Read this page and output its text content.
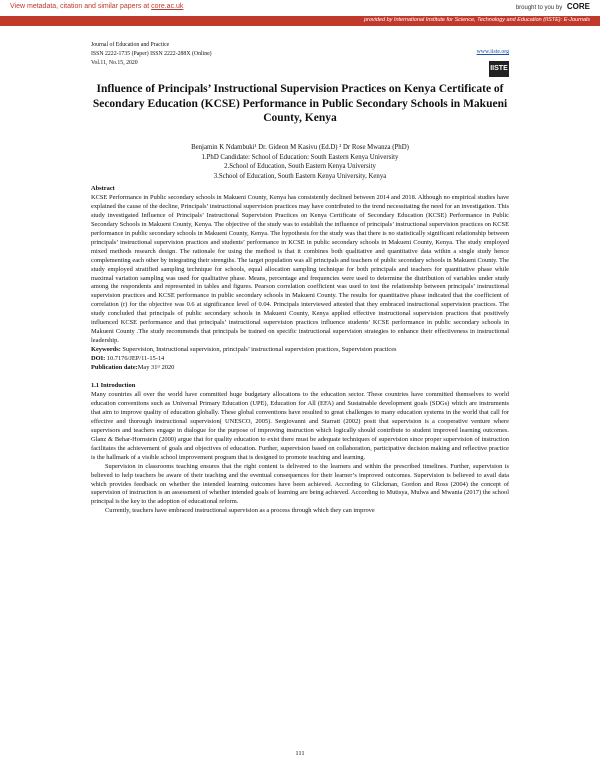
View metadata, citation and similar papers at core.ac.uk	brought to you by CORE
provided by International Institute for Science, Technology and Education (IISTE): E-Journals
Journal of Education and Practice
ISSN 2222-1735 (Paper) ISSN 2222-288X (Online)
Vol.11, No.15, 2020
www.iiste.org
IISTE
Influence of Principals’ Instructional Supervision Practices on Kenya Certificate of Secondary Education (KCSE) Performance in Public Secondary Schools in Makueni County, Kenya
Benjamin K Ndambuki¹ Dr. Gideon M Kasivu (Ed.D) ² Dr Rose Mwanza (PhD)
1.PhD Candidate: School of Education: South Eastern Kenya University
2.School of Education, South Eastern Kenya University
3.School of Education, South Eastern Kenya University, Kenya

Abstract

KCSE Performance in Public secondary schools in Makueni County, Kenya has consistently declined between 2014 and 2018. Although no empirical studies have explained the cause of the decline, Principals’ instructional supervision practices may have contributed to the trend necessitating the need for an investigation. This study investigated Influence of Principals’ Instructional Supervision Practices on Kenya Certificate of Secondary Education (KCSE) Performance in Public Secondary Schools in Makueni County, Kenya. The objective of the study was to establish the influence of principals’ instructional supervision practices on KCSE performance in public secondary schools in Makueni County, Kenya. The hypothesis for the study was that there is no statistically significant relationship between principals’ instructional supervision practices and students’ performance in KCSE in public secondary schools in Makueni County, Kenya. The study employed mixed methods research design. The rationale for using the method is that it combines both qualitative and quantitative data within a single study hence complementing each other by integrating their strengths. The target population was all principals and teachers of public secondary schools in Makueni County. The study employed stratified sampling technique for schools, equal allocation sampling technique for both principals and teachers for quantitative phase while maximal variation sampling was used for qualitative phase. Means, percentage and frequencies were used to determine the distribution of variables under study among the respondents and represented in tables and figures. Pearson correlation coefficient was used to test the relationship between principals’ instructional supervision practices and KCSE performance in public secondary schools in Makueni County. The results for quantitative phase indicated that the coefficient of correlation (r) for the objective was 0.6 at significance level of 0.04. Principals interviewed attested that they embraced instructional supervision practices. The study concluded that principals of public secondary schools in Makueni County, Kenya applied effective instructional supervision practices that positively influenced KCSE performance and that principals’ instructional supervision practices influence students’ KCSE performance in public secondary schools in Makueni County .The study recommends that principals be trained on specific instructional supervision strategies to enhance their effectiveness in instructional leadership.

Keywords: Supervision, Instructional supervision, principals’ instructional supervision practices, Supervision practices

DOI: 10.7176/JEP/11-15-14

Publication date:May 31ˢᵗ 2020

1.1 Introduction

Many countries all over the world have committed huge budgetary allocations to the education sector. These countries have committed themselves to world education conventions such as Universal Primary Education (UPE), Education for All (EFA) and Sustainable development goals (SDGs) which are instruments that aim to improve quality of education globally. These global conventions have resulted to great challenges to many education systems in the world that call for effective and thorough instructional supervision( UNESCO, 2005). Sergiovanni and Starratt (2002) posit that supervision is a cooperative venture where supervisors and teachers engage in dialogue for the purpose of improving instruction which logically should contribute to student improved learning outcomes. Glanz & Behar-Hornstein (2000) argue that for quality education to exist there must be adequate techniques of supervision since proper supervision of instruction facilitates the achievement of goals and objectives of education. Further, supervision based on collaboration, participative decision making and reflective practice is the hallmark of a visible school improvement program that is designed to promote teaching and learning.

Supervision in classrooms teaching ensures that the right content is delivered to the learners and within the prescribed timelines. Further, supervision is believed to help teachers be aware of their teaching and the eventual consequences for their learner’s improved outcomes. Supervision is believed to avail data which provides feedback on whether the intended learning outcomes have been achieved. According to Glickman, Gordon and Ross (2004) the concept of supervision of instruction is an assessment of whether intended goals of learning are being achieved. According to Mutisya, Mulwa and Mwania (2017) the school principal is the key to the adoption of educational reform.

Currently, teachers have embraced instructional supervision as a process through which they can improve

111
